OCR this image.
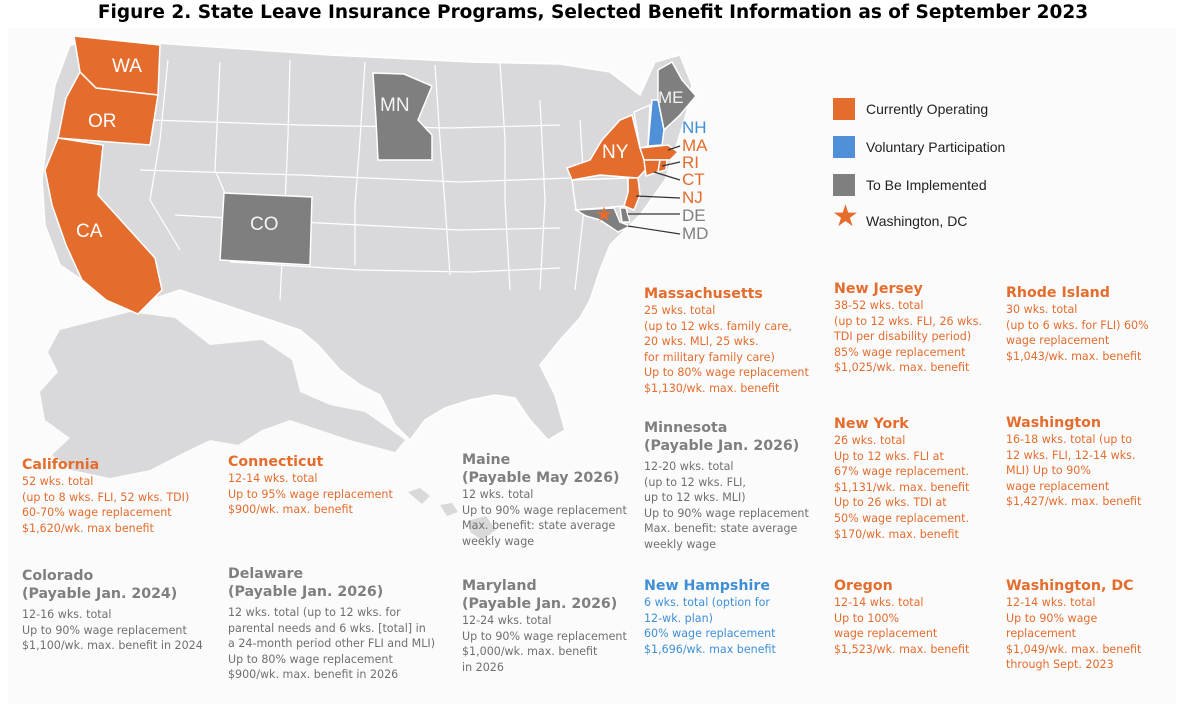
Figure 2. State Leave Insurance Programs, Selected Benefit Information as of September 2023
★
WA
OR
CA	CO
MN	ME
NY
NH
MA
RI
CT
NJ
DE
MD
Currently Operating
Voluntary Participation
To Be Implemented
★ Washington, DC
California
52 wks. total
(up to 8 wks. FLI, 52 wks. TDI)
60-70% wage replacement
$1,620/wk. max benefit
Colorado
(Payable Jan. 2024)
12-16 wks. total
Up to 90% wage replacement
$1,100/wk. max. benefit in 2024
Connecticut
12-14 wks. total
Up to 95% wage replacement
$900/wk. max. benefit
Delaware
(Payable Jan. 2026)
12 wks. total (up to 12 wks. for
parental needs and 6 wks. [total] in
a 24-month period other FLI and MLI)
Up to 80% wage replacement
$900/wk. max. benefit in 2026
Maine
(Payable May 2026)
12 wks. total
Up to 90% wage replacement
Max. benefit: state average
weekly wage
Maryland
(Payable Jan. 2026)
12-24 wks. total
Up to 90% wage replacement
$1,000/wk. max. benefit
in 2026
Massachusetts
25 wks. total
(up to 12 wks. family care,
20 wks. MLI, 25 wks.
for military family care)
Up to 80% wage replacement
$1,130/wk. max. benefit
Minnesota
(Payable Jan. 2026)
12-20 wks. total
(up to 12 wks. FLI,
up to 12 wks. MLI)
Up to 90% wage replacement
Max. benefit: state average
weekly wage
New Hampshire
6 wks. total (option for
12-wk. plan)
60% wage replacement
$1,696/wk. max benefit
New Jersey
38-52 wks. total
(up to 12 wks. FLI, 26 wks.
TDI per disability period)
85% wage replacement
$1,025/wk. max. benefit
New York
26 wks. total
Up to 12 wks. FLI at
67% wage replacement.
$1,131/wk. max. benefit
Up to 26 wks. TDI at
50% wage replacement.
$170/wk. max. benefit
Oregon
12-14 wks. total
Up to 100%
wage replacement
$1,523/wk. max. benefit
Rhode Island
30 wks. total
(up to 6 wks. for FLI) 60%
wage replacement
$1,043/wk. max. benefit
Washington
16-18 wks. total (up to
12 wks. FLI, 12-14 wks.
MLI) Up to 90%
wage replacement
$1,427/wk. max. benefit
Washington, DC
12-14 wks. total
Up to 90% wage
replacement
$1,049/wk. max. benefit
through Sept. 2023
